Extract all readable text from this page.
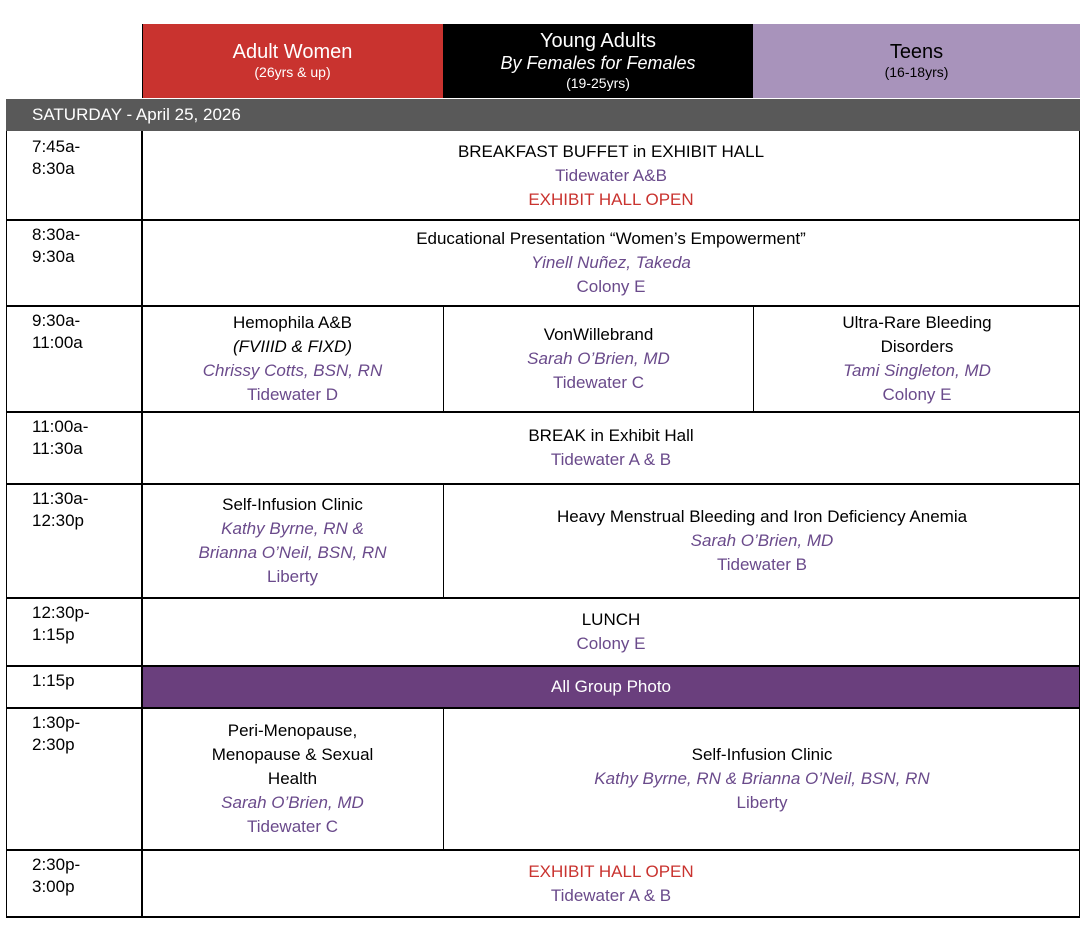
Adult Women
(26yrs & up)
Young Adults
By Females for Females
(19-25yrs)
Teens
(16-18yrs)
SATURDAY - April 25, 2026
7:45a-
8:30a
BREAKFAST BUFFET in EXHIBIT HALL
Tidewater A&B
EXHIBIT HALL OPEN
8:30a-
9:30a
Educational Presentation “Women’s Empowerment”
Yinell Nuñez, Takeda
Colony E
9:30a-
11:00a
Hemophila A&B
(FVIIID & FIXD)
Chrissy Cotts, BSN, RN
Tidewater D
VonWillebrand
Sarah O’Brien, MD
Tidewater C
Ultra-Rare Bleeding
Disorders
Tami Singleton, MD
Colony E
11:00a-
11:30a
BREAK in Exhibit Hall
Tidewater A & B
11:30a-
12:30p
Self-Infusion Clinic
Kathy Byrne, RN &
Brianna O’Neil, BSN, RN
Liberty
Heavy Menstrual Bleeding and Iron Deficiency Anemia
Sarah O’Brien, MD
Tidewater B
12:30p-
1:15p
LUNCH
Colony E
1:15p	All Group Photo
1:30p-
2:30p
Peri-Menopause,
Menopause & Sexual
Health
Sarah O’Brien, MD
Tidewater C
Self-Infusion Clinic
Kathy Byrne, RN & Brianna O’Neil, BSN, RN
Liberty
2:30p-
3:00p
EXHIBIT HALL OPEN
Tidewater A & B
